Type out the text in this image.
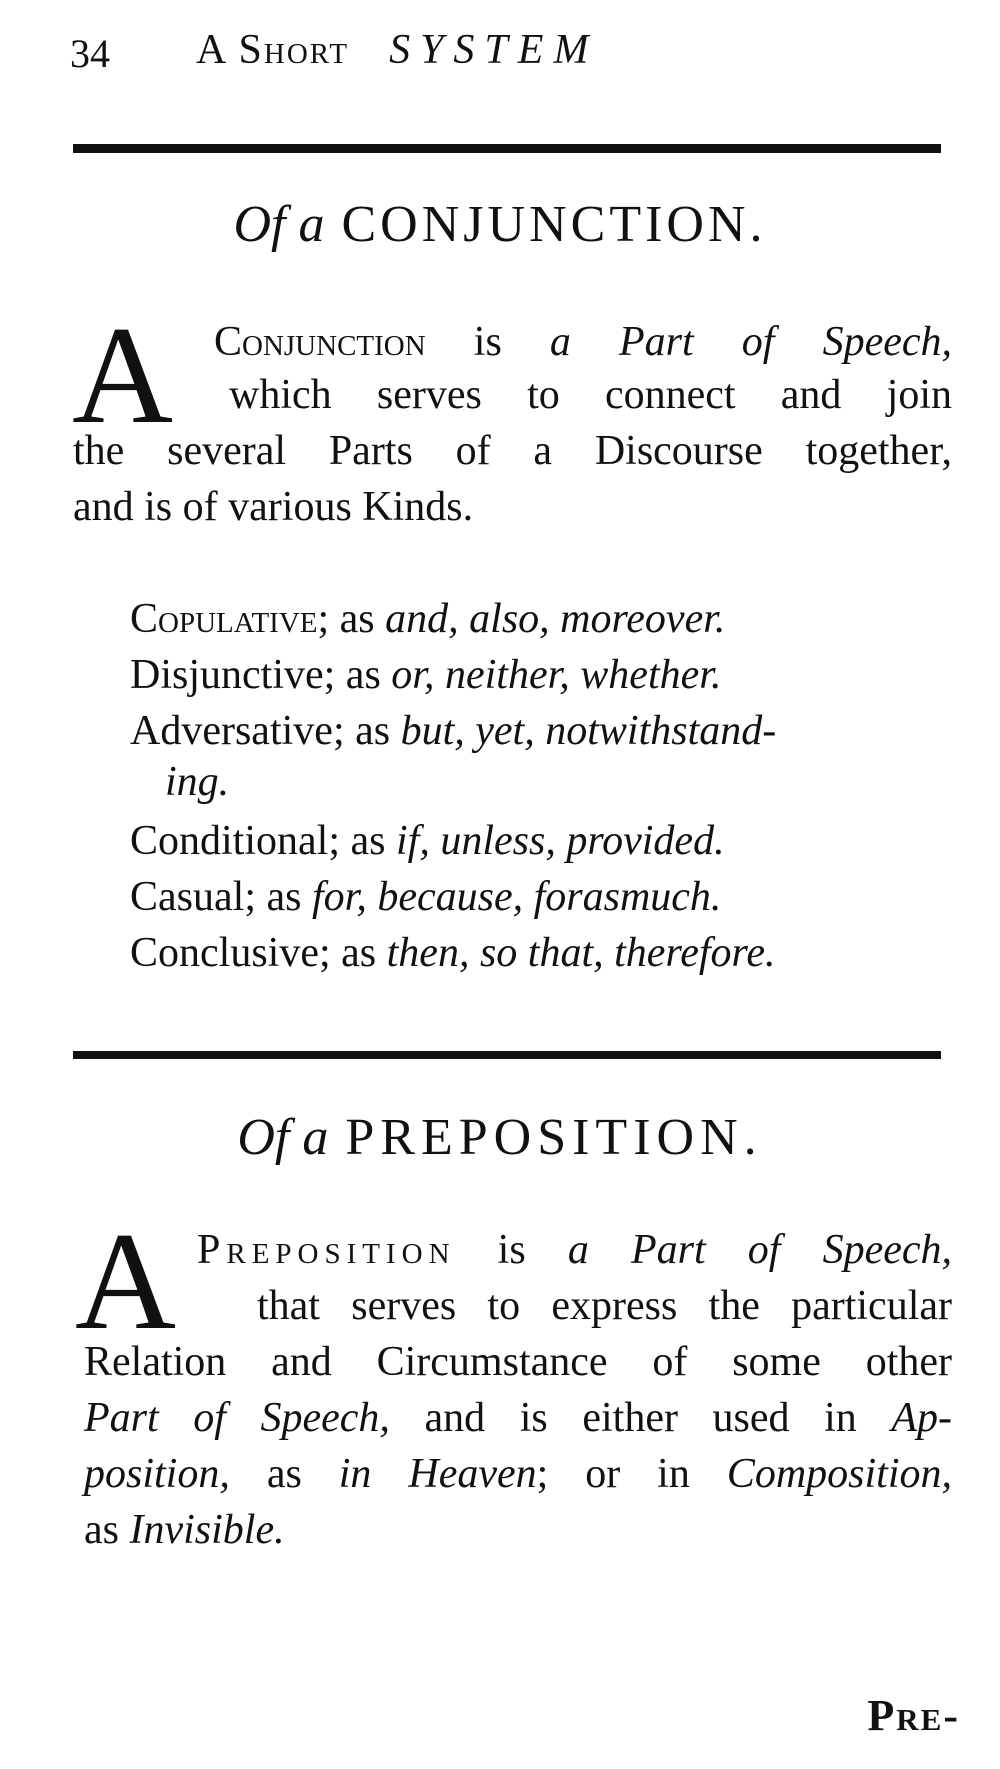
34 A Short SYSTEM
Of a CONJUNCTION.
A Conjunction is a Part of Speech,
which serves to connect and join
the several Parts of a Discourse together,
and is of various Kinds.
Copulative; as and, also, moreover.
Disjunctive; as or, neither, whether.
Adversative; as but, yet, notwithstand-
ing.
Conditional; as if, unless, provided.
Casual; as for, because, forasmuch.
Conclusive; as then, so that, therefore.
Of a PREPOSITION.
A Preposition is a Part of Speech,
that serves to express the particular
Relation and Circumstance of some other
Part of Speech, and is either used in Ap-
position, as in Heaven; or in Composition,
as Invisible.
Pre-
